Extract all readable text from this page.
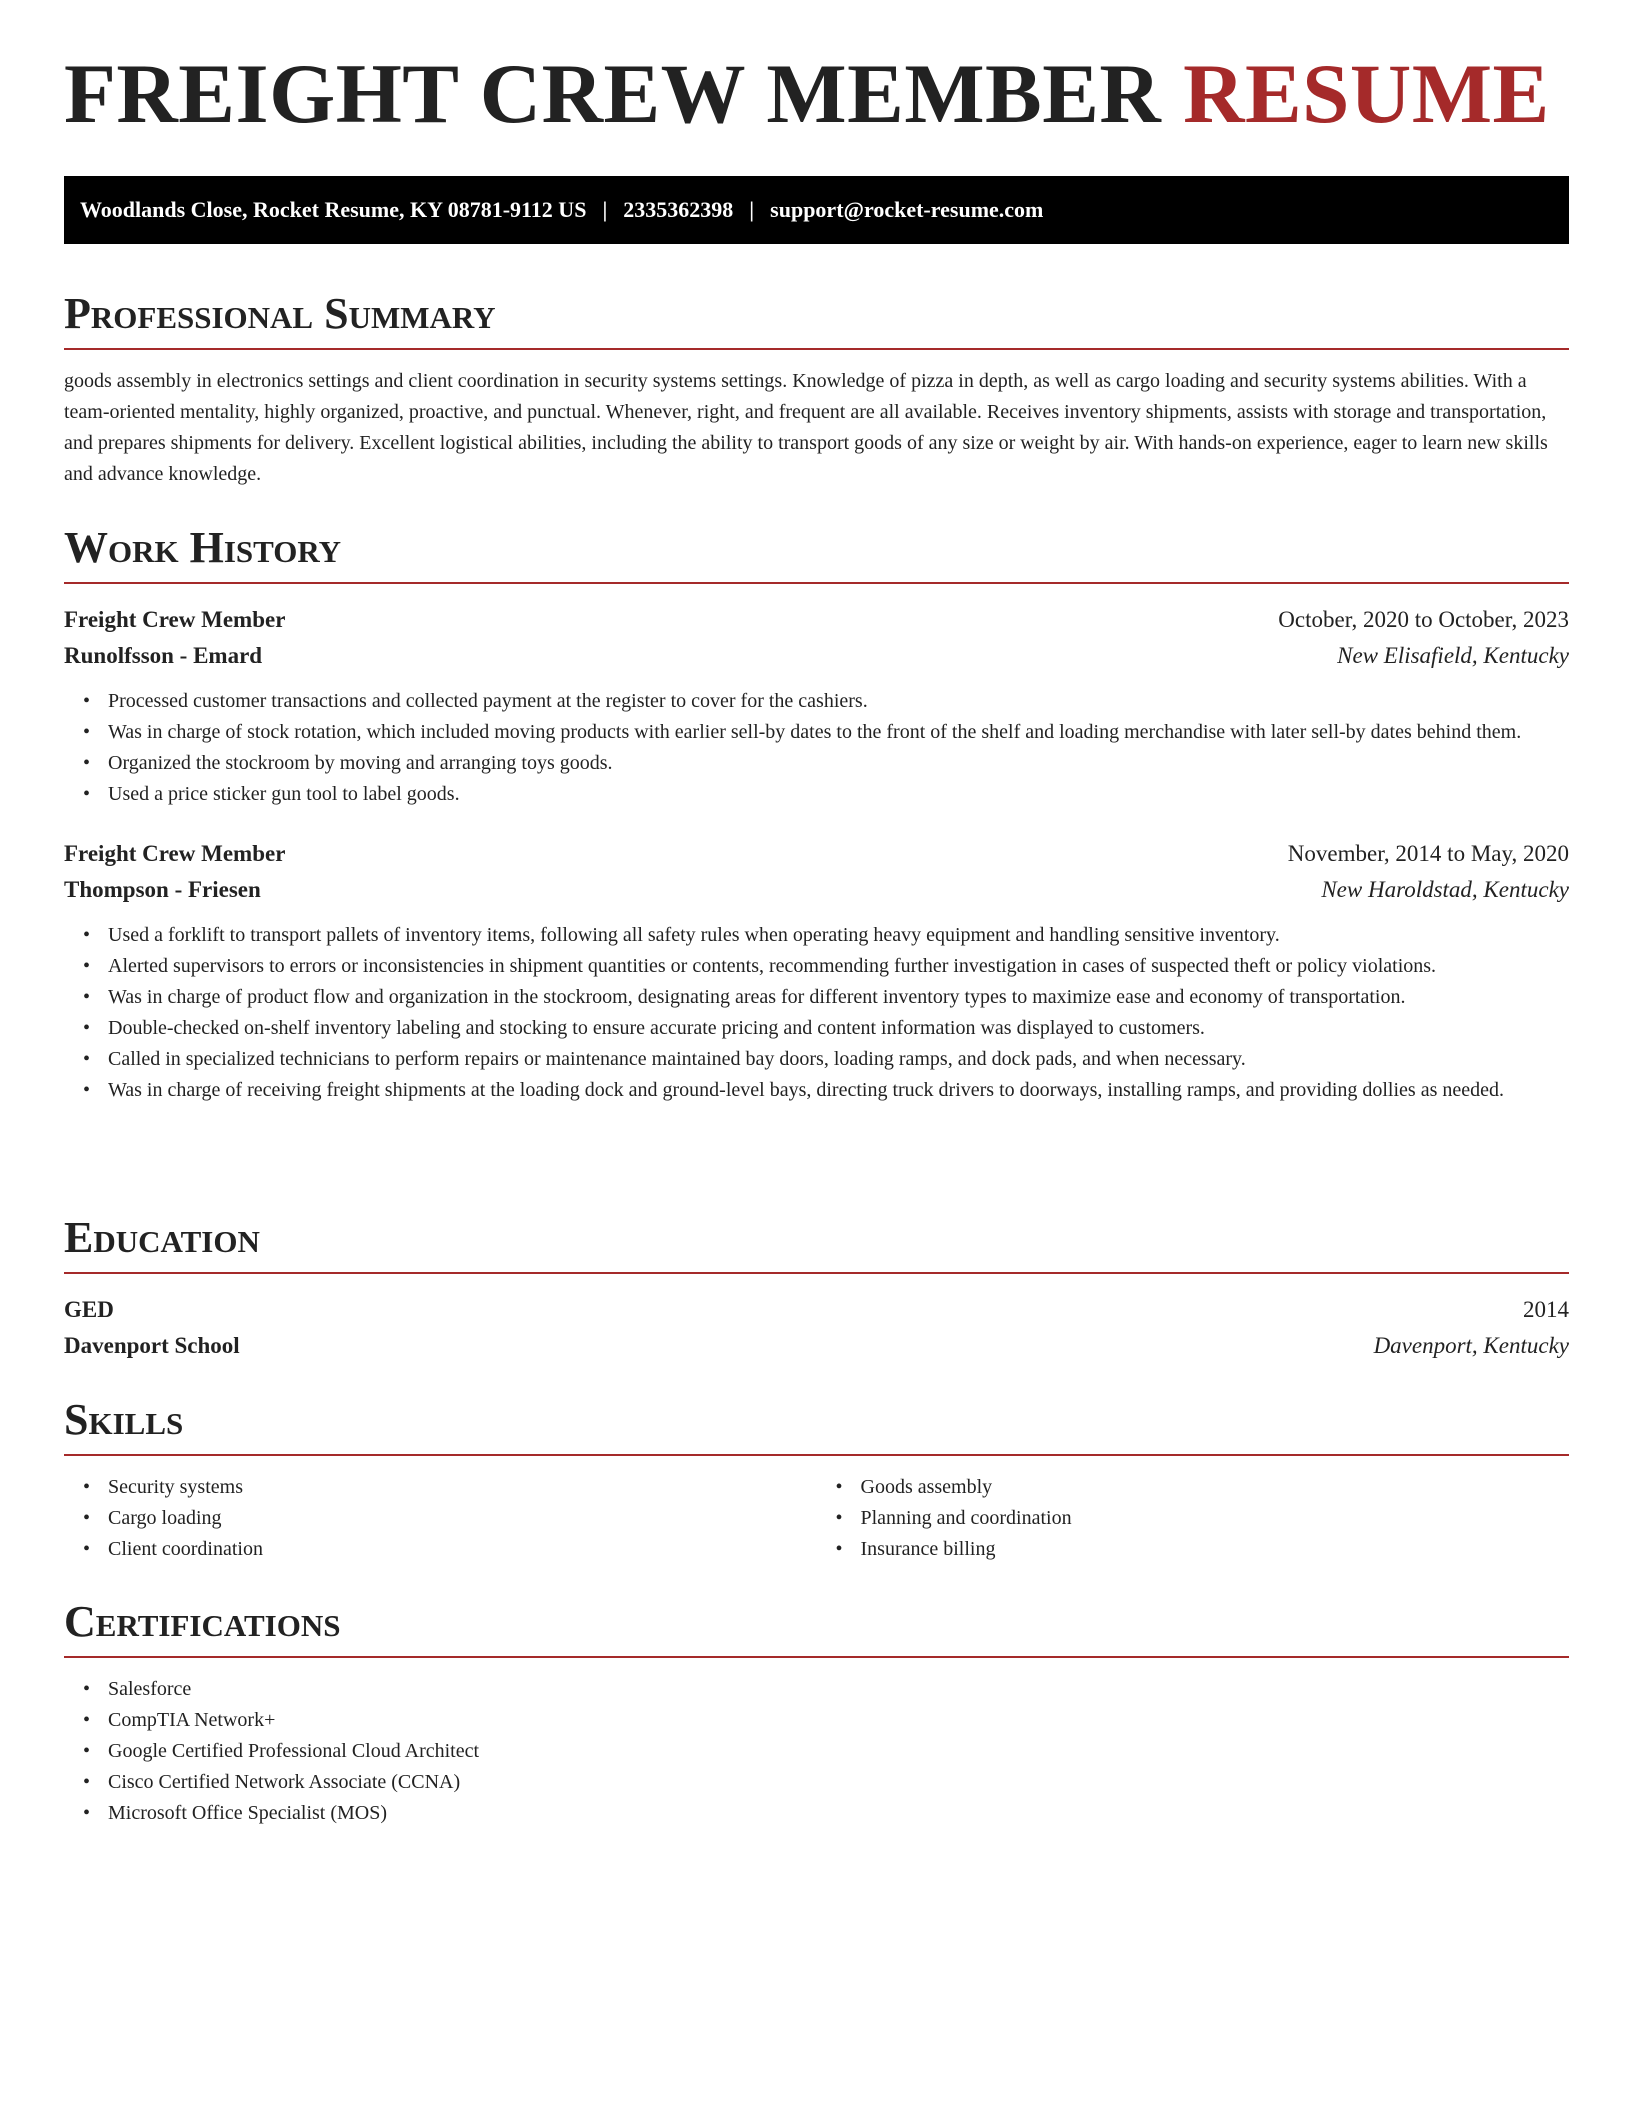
FREIGHT CREW MEMBER RESUME
Woodlands Close, Rocket Resume, KY 08781-9112 US | 2335362398 | support@rocket-resume.com
Professional Summary

goods assembly in electronics settings and client coordination in security systems settings. Knowledge of pizza in depth, as well as cargo loading and security systems abilities. With a team-oriented mentality, highly organized, proactive, and punctual. Whenever, right, and frequent are all available. Receives inventory shipments, assists with storage and transportation, and prepares shipments for delivery. Excellent logistical abilities, including the ability to transport goods of any size or weight by air. With hands-on experience, eager to learn new skills and advance knowledge.

Work History
Freight Crew Member	October, 2020 to October, 2023
Runolfsson - Emard	New Elisafield, Kentucky
• Processed customer transactions and collected payment at the register to cover for the cashiers.
• Was in charge of stock rotation, which included moving products with earlier sell-by dates to the front of the shelf and loading merchandise with later sell-by dates behind them.
• Organized the stockroom by moving and arranging toys goods.
• Used a price sticker gun tool to label goods.
Freight Crew Member	November, 2014 to May, 2020
Thompson - Friesen	New Haroldstad, Kentucky
• Used a forklift to transport pallets of inventory items, following all safety rules when operating heavy equipment and handling sensitive inventory.
• Alerted supervisors to errors or inconsistencies in shipment quantities or contents, recommending further investigation in cases of suspected theft or policy violations.
• Was in charge of product flow and organization in the stockroom, designating areas for different inventory types to maximize ease and economy of transportation.
• Double-checked on-shelf inventory labeling and stocking to ensure accurate pricing and content information was displayed to customers.
• Called in specialized technicians to perform repairs or maintenance maintained bay doors, loading ramps, and dock pads, and when necessary.
• Was in charge of receiving freight shipments at the loading dock and ground-level bays, directing truck drivers to doorways, installing ramps, and providing dollies as needed.
Education
GED	2014
Davenport School	Davenport, Kentucky
Skills
• Security systems
• Cargo loading
• Client coordination
• Goods assembly
• Planning and coordination
• Insurance billing
Certifications
• Salesforce
• CompTIA Network+
• Google Certified Professional Cloud Architect
• Cisco Certified Network Associate (CCNA)
• Microsoft Office Specialist (MOS)
